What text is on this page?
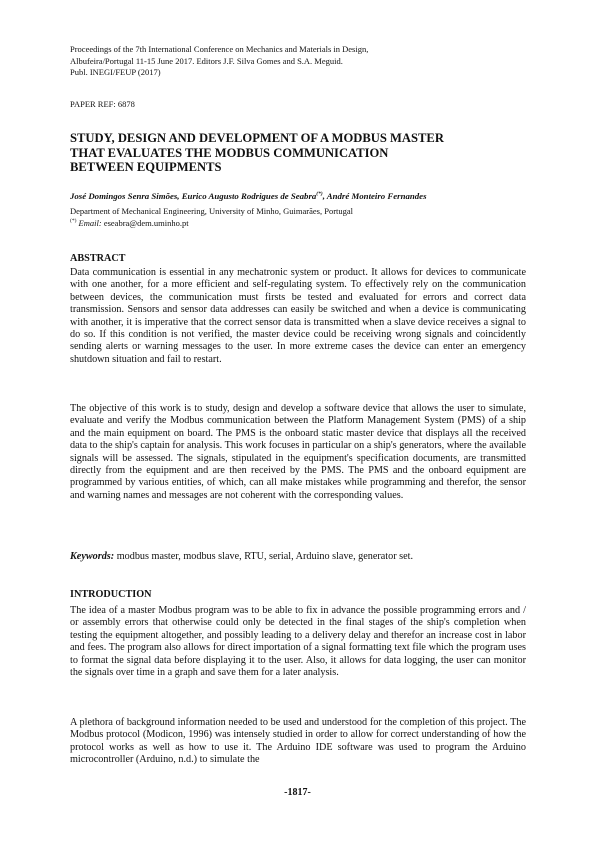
Proceedings of the 7th International Conference on Mechanics and Materials in Design,
Albufeira/Portugal 11-15 June 2017. Editors J.F. Silva Gomes and S.A. Meguid.
Publ. INEGI/FEUP (2017)
PAPER REF: 6878
STUDY, DESIGN AND DEVELOPMENT OF A MODBUS MASTER
THAT EVALUATES THE MODBUS COMMUNICATION
BETWEEN EQUIPMENTS
José Domingos Senra Simões, Eurico Augusto Rodrigues de Seabra(*), André Monteiro Fernandes
Department of Mechanical Engineering, University of Minho, Guimarães, Portugal
(*) Email: eseabra@dem.uminho.pt
ABSTRACT
Data communication is essential in any mechatronic system or product. It allows for devices to communicate with one another, for a more efficient and self-regulating system. To effectively rely on the communication between devices, the communication must firsts be tested and evaluated for errors and correct data transmission. Sensors and sensor data addresses can easily be switched and when a device is communicating with another, it is imperative that the correct sensor data is transmitted when a slave device receives a signal to do so. If this condition is not verified, the master device could be receiving wrong signals and coincidently sending alerts or warning messages to the user. In more extreme cases the device can enter an emergency shutdown situation and fail to restart.
The objective of this work is to study, design and develop a software device that allows the user to simulate, evaluate and verify the Modbus communication between the Platform Management System (PMS) of a ship and the main equipment on board. The PMS is the onboard static master device that displays all the received data to the ship's captain for analysis. This work focuses in particular on a ship's generators, where the available signals will be assessed. The signals, stipulated in the equipment's specification documents, are transmitted directly from the equipment and are then received by the PMS. The PMS and the onboard equipment are programmed by various entities, of which, can all make mistakes while programming and therefor, the sensor and warning names and messages are not coherent with the corresponding values.
Keywords: modbus master, modbus slave, RTU, serial, Arduino slave, generator set.
INTRODUCTION
The idea of a master Modbus program was to be able to fix in advance the possible programming errors and / or assembly errors that otherwise could only be detected in the final stages of the ship's completion when testing the equipment altogether, and possibly leading to a delivery delay and therefor an increase cost in labor and fees. The program also allows for direct importation of a signal formatting text file which the program uses to format the signal data before displaying it to the user. Also, it allows for data logging, the user can monitor the signals over time in a graph and save them for a later analysis.
A plethora of background information needed to be used and understood for the completion of this project. The Modbus protocol (Modicon, 1996) was intensely studied in order to allow for correct understanding of how the protocol works as well as how to use it. The Arduino IDE software was used to program the Arduino microcontroller (Arduino, n.d.) to simulate the
-1817-
